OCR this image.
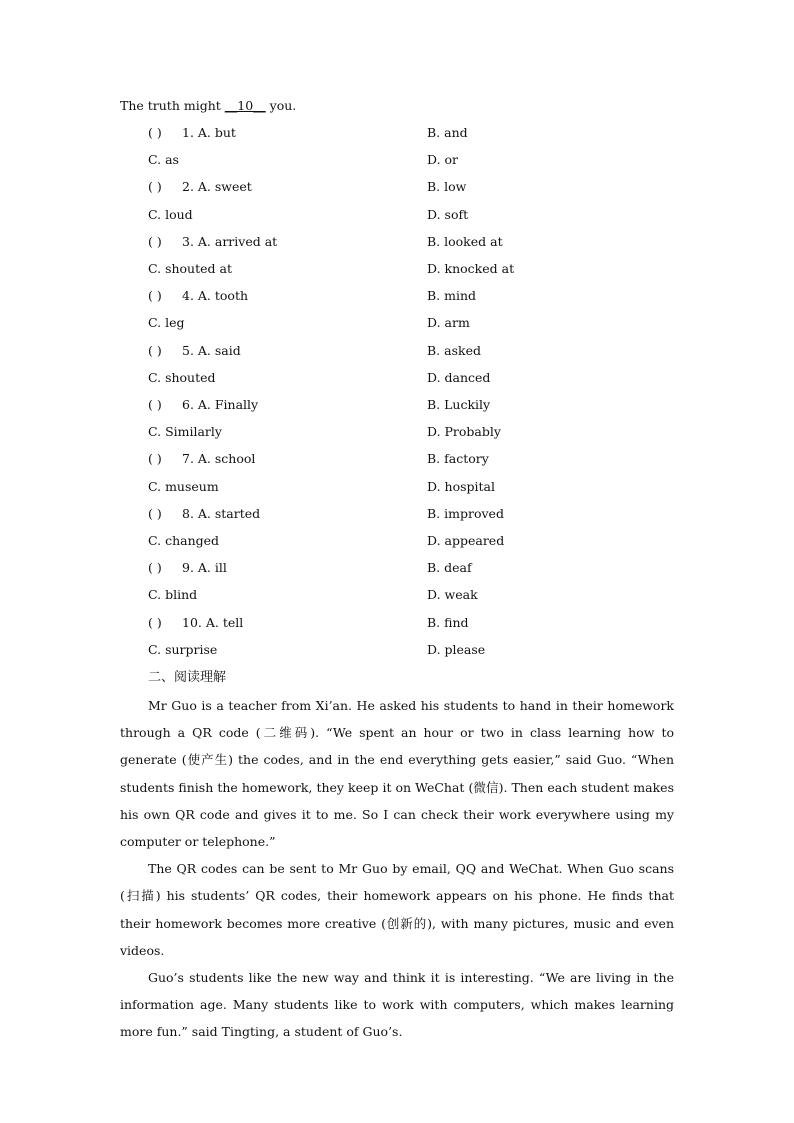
The truth might __10__ you.
( ) 1. A. but	B. and
C. as	D. or
( ) 2. A. sweet	B. low
C. loud	D. soft
( ) 3. A. arrived at	B. looked at
C. shouted at	D. knocked at
( ) 4. A. tooth	B. mind
C. leg	D. arm
( ) 5. A. said	B. asked
C. shouted	D. danced
( ) 6. A. Finally	B. Luckily
C. Similarly	D. Probably
( ) 7. A. school	B. factory
C. museum	D. hospital
( ) 8. A. started	B. improved
C. changed	D. appeared
( ) 9. A. ill	B. deaf
C. blind	D. weak
( ) 10. A. tell	B. find
C. surprise	D. please
二、阅读理解

Mr Guo is a teacher from Xi’an. He asked his students to hand in their homework through a QR code (二维码). “We spent an hour or two in class learning how to generate (使产生) the codes, and in the end everything gets easier,” said Guo. “When students finish the homework, they keep it on WeChat (微信). Then each student makes his own QR code and gives it to me. So I can check their work everywhere using my computer or telephone.”

The QR codes can be sent to Mr Guo by email, QQ and WeChat. When Guo scans (扫描) his students’ QR codes, their homework appears on his phone. He finds that their homework becomes more creative (创新的), with many pictures, music and even videos.

Guo’s students like the new way and think it is interesting. “We are living in the information age. Many students like to work with computers, which makes learning more fun.” said Tingting, a student of Guo’s.
